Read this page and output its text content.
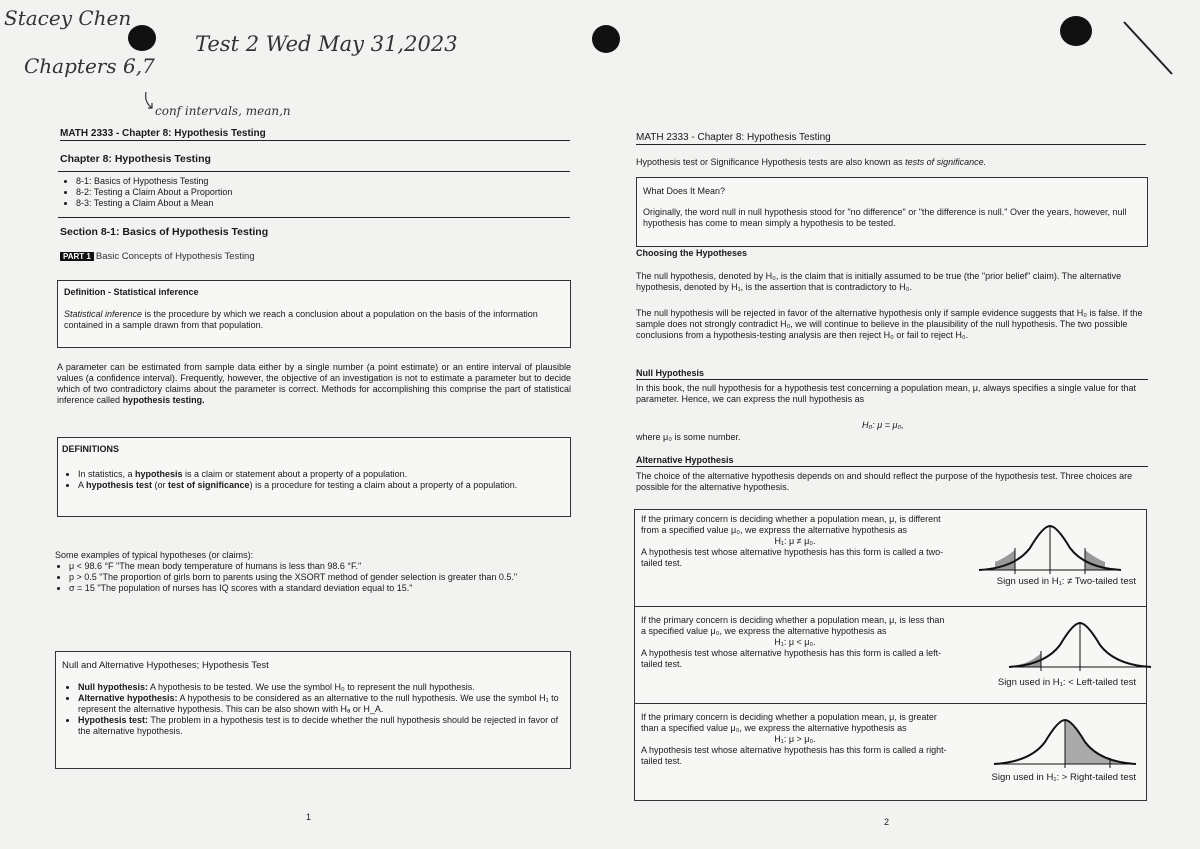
Stacey Chen
Chapters 6,7
Test 2 Wed May 31,2023
conf intervals, mean,n
MATH 2333 - Chapter 8: Hypothesis Testing
Chapter 8: Hypothesis Testing
• 8-1: Basics of Hypothesis Testing
• 8-2: Testing a Claim About a Proportion
• 8-3: Testing a Claim About a Mean
Section 8-1: Basics of Hypothesis Testing
PART 1 Basic Concepts of Hypothesis Testing
Definition - Statistical inference
Statistical inference is the procedure by which we reach a conclusion about a population on the basis of the information contained in a sample drawn from that population.
A parameter can be estimated from sample data either by a single number (a point estimate) or an entire interval of plausible values (a confidence interval). Frequently, however, the objective of an investigation is not to estimate a parameter but to decide which of two contradictory claims about the parameter is correct. Methods for accomplishing this comprise the part of statistical inference called hypothesis testing.
DEFINITIONS
• In statistics, a hypothesis is a claim or statement about a property of a population.
• A hypothesis test (or test of significance) is a procedure for testing a claim about a property of a population.
Some examples of typical hypotheses (or claims):
• μ < 98.6 °F "The mean body temperature of humans is less than 98.6 °F."
• p > 0.5 "The proportion of girls born to parents using the XSORT method of gender selection is greater than 0.5."
• σ = 15 "The population of nurses has IQ scores with a standard deviation equal to 15."
Null and Alternative Hypotheses; Hypothesis Test
• Null hypothesis: A hypothesis to be tested. We use the symbol H₀ to represent the null hypothesis.
• Alternative hypothesis: A hypothesis to be considered as an alternative to the null hypothesis. We use the symbol H₁ to represent the alternative hypothesis. This can be also shown with Hₐ or H_A.
• Hypothesis test: The problem in a hypothesis test is to decide whether the null hypothesis should be rejected in favor of the alternative hypothesis.
1
MATH 2333 - Chapter 8: Hypothesis Testing
Hypothesis test or Significance Hypothesis tests are also known as tests of significance.
What Does It Mean?
Originally, the word null in null hypothesis stood for "no difference" or "the difference is null." Over the years, however, null hypothesis has come to mean simply a hypothesis to be tested.
Choosing the Hypotheses
The null hypothesis, denoted by H₀, is the claim that is initially assumed to be true (the "prior belief" claim). The alternative hypothesis, denoted by H₁, is the assertion that is contradictory to H₀.
The null hypothesis will be rejected in favor of the alternative hypothesis only if sample evidence suggests that H₀ is false. If the sample does not strongly contradict H₀, we will continue to believe in the plausibility of the null hypothesis. The two possible conclusions from a hypothesis-testing analysis are then reject H₀ or fail to reject H₀.
Null Hypothesis
In this book, the null hypothesis for a hypothesis test concerning a population mean, μ, always specifies a single value for that parameter. Hence, we can express the null hypothesis as
H₀: μ = μ₀,
where μ₀ is some number.
Alternative Hypothesis
The choice of the alternative hypothesis depends on and should reflect the purpose of the hypothesis test. Three choices are possible for the alternative hypothesis.
If the primary concern is deciding whether a population mean, μ, is different from a specified value μ₀, we express the alternative hypothesis as
H₁: μ ≠ μ₀.
A hypothesis test whose alternative hypothesis has this form is called a two-tailed test.
Sign used in H₁: ≠ Two-tailed test
If the primary concern is deciding whether a population mean, μ, is less than a specified value μ₀, we express the alternative hypothesis as
H₁: μ < μ₀.
A hypothesis test whose alternative hypothesis has this form is called a left-tailed test.
Sign used in H₁: < Left-tailed test
If the primary concern is deciding whether a population mean, μ, is greater than a specified value μ₀, we express the alternative hypothesis as
H₁: μ > μ₀.
A hypothesis test whose alternative hypothesis has this form is called a right-tailed test.
Sign used in H₁: > Right-tailed test
2
